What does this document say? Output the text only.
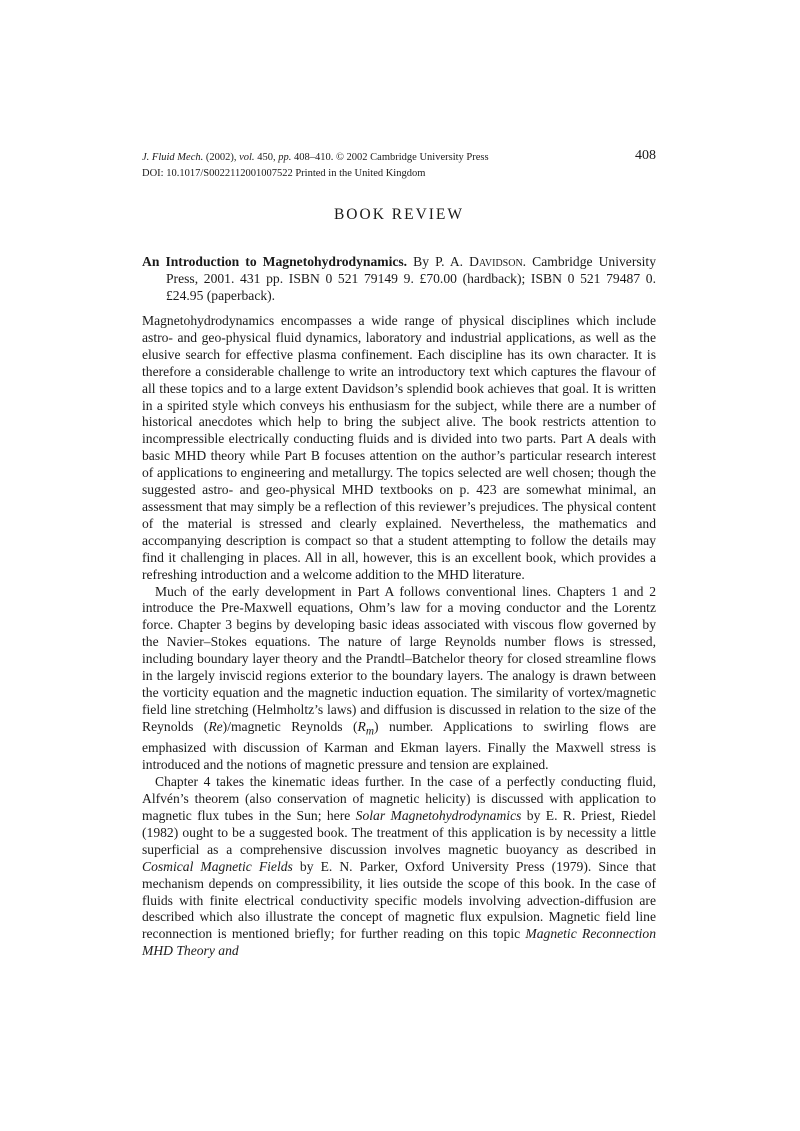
J. Fluid Mech. (2002), vol. 450, pp. 408–410. © 2002 Cambridge University Press	408
DOI: 10.1017/S0022112001007522 Printed in the United Kingdom
BOOK REVIEW

An Introduction to Magnetohydrodynamics. By P. A. Davidson. Cambridge University Press, 2001. 431 pp. ISBN 0 521 79149 9. £70.00 (hardback); ISBN 0 521 79487 0. £24.95 (paperback).

Magnetohydrodynamics encompasses a wide range of physical disciplines which include astro- and geo-physical fluid dynamics, laboratory and industrial applications, as well as the elusive search for effective plasma confinement. Each discipline has its own character. It is therefore a considerable challenge to write an introductory text which captures the flavour of all these topics and to a large extent Davidson’s splendid book achieves that goal. It is written in a spirited style which conveys his enthusiasm for the subject, while there are a number of historical anecdotes which help to bring the subject alive. The book restricts attention to incompressible electrically conducting fluids and is divided into two parts. Part A deals with basic MHD theory while Part B focuses attention on the author’s particular research interest of applications to engineering and metallurgy. The topics selected are well chosen; though the suggested astro- and geo-physical MHD textbooks on p. 423 are somewhat minimal, an assessment that may simply be a reflection of this reviewer’s prejudices. The physical content of the material is stressed and clearly explained. Nevertheless, the mathematics and accompanying description is compact so that a student attempting to follow the details may find it challenging in places. All in all, however, this is an excellent book, which provides a refreshing introduction and a welcome addition to the MHD literature.

Much of the early development in Part A follows conventional lines. Chapters 1 and 2 introduce the Pre-Maxwell equations, Ohm’s law for a moving conductor and the Lorentz force. Chapter 3 begins by developing basic ideas associated with viscous flow governed by the Navier–Stokes equations. The nature of large Reynolds number flows is stressed, including boundary layer theory and the Prandtl–Batchelor theory for closed streamline flows in the largely inviscid regions exterior to the boundary layers. The analogy is drawn between the vorticity equation and the magnetic induction equation. The similarity of vortex/magnetic field line stretching (Helmholtz’s laws) and diffusion is discussed in relation to the size of the Reynolds (Re)/magnetic Reynolds $(R_m)$ number. Applications to swirling flows are emphasized with discussion of Karman and Ekman layers. Finally the Maxwell stress is introduced and the notions of magnetic pressure and tension are explained.

Chapter 4 takes the kinematic ideas further. In the case of a perfectly conducting fluid, Alfvén’s theorem (also conservation of magnetic helicity) is discussed with application to magnetic flux tubes in the Sun; here Solar Magnetohydrodynamics by E. R. Priest, Riedel (1982) ought to be a suggested book. The treatment of this application is by necessity a little superficial as a comprehensive discussion involves magnetic buoyancy as described in Cosmical Magnetic Fields by E. N. Parker, Oxford University Press (1979). Since that mechanism depends on compressibility, it lies outside the scope of this book. In the case of fluids with finite electrical conductivity specific models involving advection-diffusion are described which also illustrate the concept of magnetic flux expulsion. Magnetic field line reconnection is mentioned briefly; for further reading on this topic Magnetic Reconnection MHD Theory and
